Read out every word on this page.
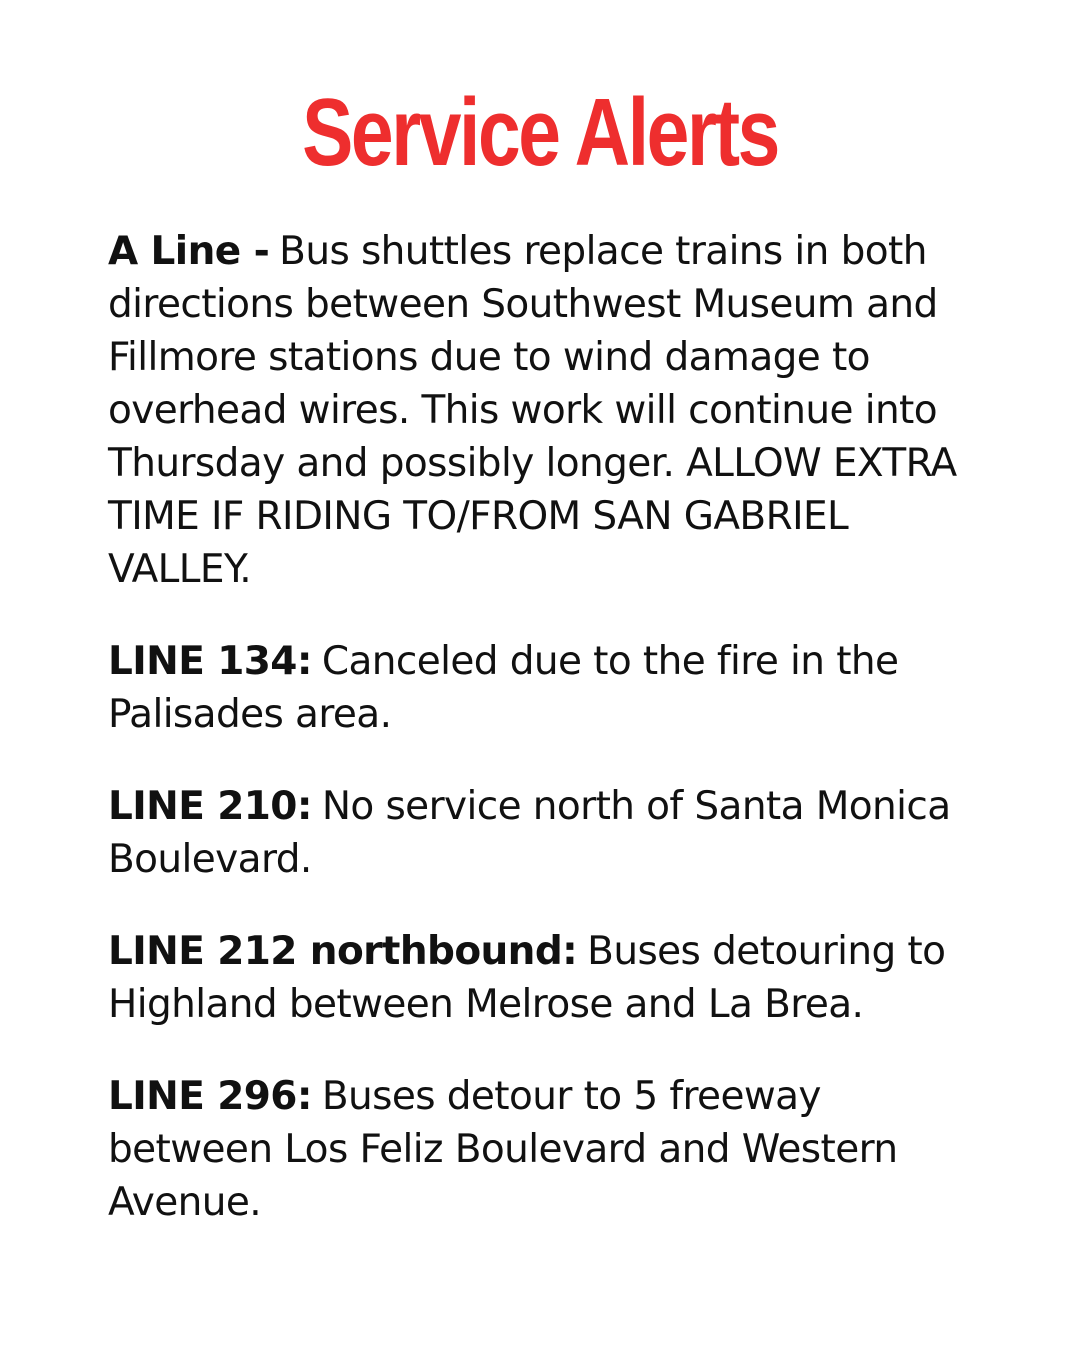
Service Alerts

A Line - Bus shuttles replace trains in both directions between Southwest Museum and Fillmore stations due to wind damage to overhead wires. This work will continue into Thursday and possibly longer. ALLOW EXTRA TIME IF RIDING TO/FROM SAN GABRIEL VALLEY.

LINE 134: Canceled due to the fire in the Palisades area.

LINE 210: No service north of Santa Monica Boulevard.

LINE 212 northbound: Buses detouring to Highland between Melrose and La Brea.

LINE 296: Buses detour to 5 freeway between Los Feliz Boulevard and Western Avenue.
